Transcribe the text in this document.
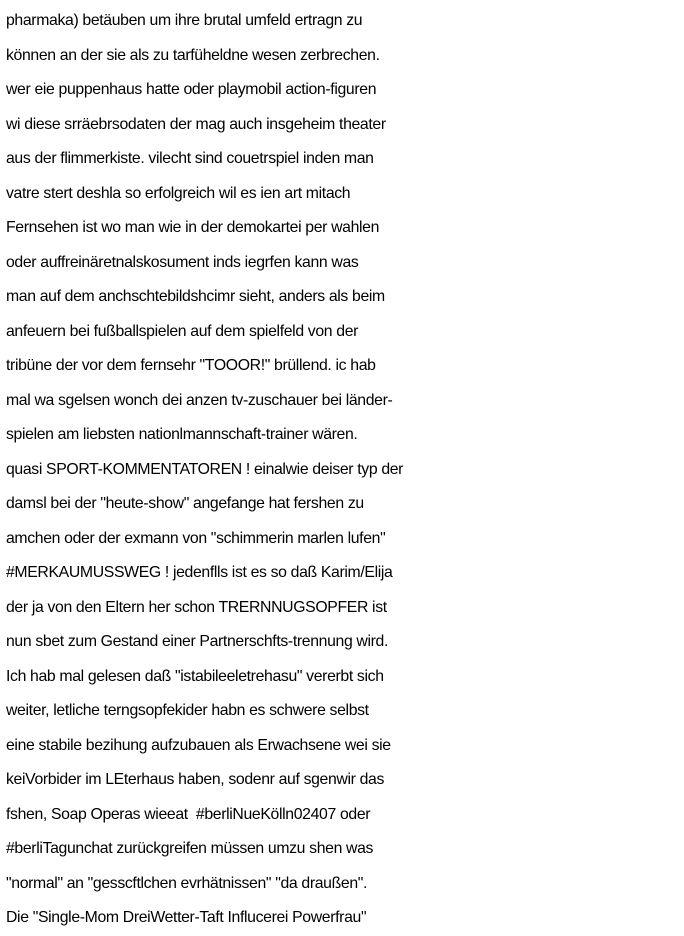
pharmaka) betäuben um ihre brutal umfeld ertragn zu
können an der sie als zu tarfüheldne wesen zerbrechen.
wer eie puppenhaus hatte oder playmobil action-figuren
wi diese srräebrsodaten der mag auch insgeheim theater
aus der flimmerkiste. vilecht sind couetrspiel inden man
vatre stert deshla so erfolgreich wil es ien art mitach
Fernsehen ist wo man wie in der demokartei per wahlen
oder auffreinäretnalskosument inds iegrfen kann was
man auf dem anchschtebildshcimr sieht, anders als beim
anfeuern bei fußballspielen auf dem spielfeld von der
tribüne der vor dem fernsehr "TOOOR!" brüllend. ic hab
mal wa sgelsen wonch dei anzen tv-zuschauer bei länder-
spielen am liebsten nationlmannschaft-trainer wären.
quasi SPORT-KOMMENTATOREN ! einalwie deiser typ der
damsl bei der "heute-show" angefange hat fershen zu
amchen oder der exmann von "schimmerin marlen lufen"
#MERKAUMUSSWEG ! jedenflls ist es so daß Karim/Elija
der ja von den Eltern her schon TRERNNUGSOPFER ist
nun sbet zum Gestand einer Partnerschfts-trennung wird.
Ich hab mal gelesen daß "istabileeletrehasu" vererbt sich
weiter, letliche terngsopfekider habn es schwere selbst
eine stabile bezihung aufzubauen als Erwachsene wei sie
keiVorbider im LEterhaus haben, sodenr auf sgenwir das
fshen, Soap Operas wieeat  #berliNueKölln02407 oder
#berliTagunchat zurückgreifen müssen umzu shen was
"normal" an "gesscftlchen evrhätnissen" "da draußen".
Die "Single-Mom DreiWetter-Taft Influcerei Powerfrau"
